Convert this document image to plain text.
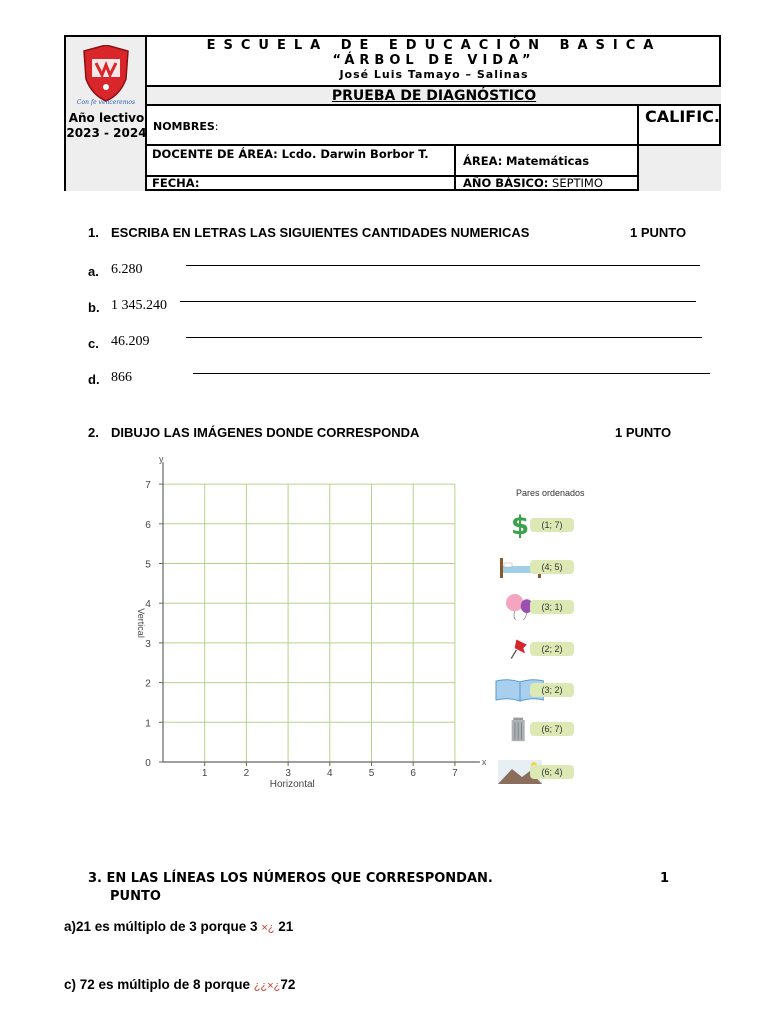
Con fe venceremos
Año lectivo 2023 - 2024
ESCUELA DE EDUCACIÓN BASICA
“ÁRBOL DE VIDA”
José Luis Tamayo – Salinas
PRUEBA DE DIAGNÓSTICO
NOMBRES:
CALIFIC.
DOCENTE DE ÁREA: Lcdo. Darwin Borbor T.	ÁREA: Matemáticas
FECHA:	AÑO BÁSICO: SEPTIMO
1. ESCRIBA EN LETRAS LAS SIGUIENTES CANTIDADES NUMERICAS	1 PUNTO
a. 6.280
b. 1 345.240
c. 46.209
d. 866
2. DIBUJO LAS IMÁGENES DONDE CORRESPONDA	1 PUNTO
x
y
1	2	3	4	5	6	7
0
1
2
3
4
5
6
7
Horizontal
Vertical
Pares ordenados
$	(1; 7)
(4; 5)
(3; 1)
(2; 2)
(3; 2)
(6; 7)
(6; 4)
3. EN LAS LÍNEAS LOS NÚMEROS QUE CORRESPONDAN.
PUNTO
1
a)21 es múltiplo de 3 porque 3 ×¿ 21
c) 72 es múltiplo de 8 porque ¿¿×¿72
